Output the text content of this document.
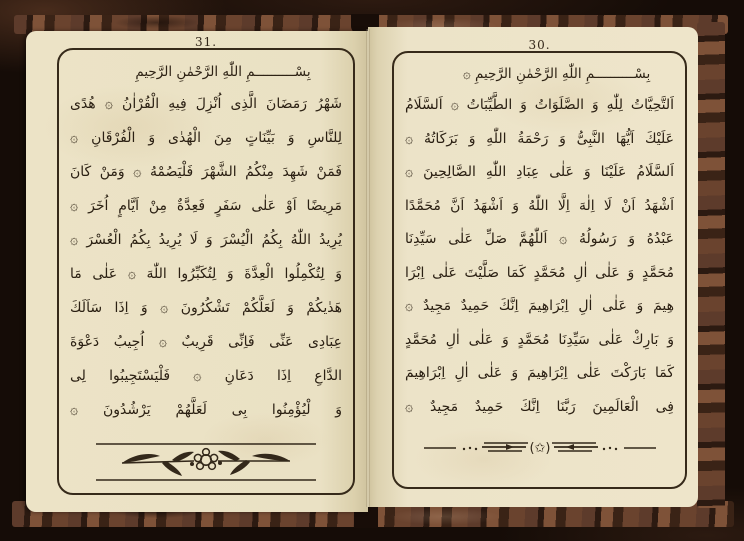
31.
بِسْــــــــــمِ اللّٰهِ الرَّحْمٰنِ الرَّحِيمِ
شَهْرُ رَمَضَانَ الَّذِى اُنْزِلَ فِيهِ الْقُرْاٰنُ ۞ هُدًى
لِلنَّاسِ وَ بَيِّنَاتٍ مِنَ الْهُدٰى وَ الْفُرْقَانِ ۞
فَمَنْ شَهِدَ مِنْكُمُ الشَّهْرَ فَلْيَصُمْهُ ۞ وَمَنْ كَانَ
مَرِيضًا اَوْ عَلٰى سَفَرٍ فَعِدَّةٌ مِنْ اَيَّامٍ اُخَرَ ۞
يُرِيدُ اللّٰهُ بِكُمُ الْيُسْرَ وَ لَا يُرِيدُ بِكُمُ الْعُسْرَ ۞
وَ لِتُكْمِلُوا الْعِدَّةَ وَ لِتُكَبِّرُوا اللّٰهَ ۞ عَلٰى مَا
هَدٰيكُمْ وَ لَعَلَّكُمْ تَشْكُرُونَ ۞ وَ اِذَا سَاَلَكَ
عِبَادِى عَنِّى فَاِنِّى قَرِيبٌ ۞ اُجِيبُ دَعْوَةَ
الدَّاعِ اِذَا دَعَانِ ۞ فَلْيَسْتَجِيبُوا لِى
وَ لْيُؤْمِنُوا بِى لَعَلَّهُمْ يَرْشُدُونَ ۞
30.
بِسْــــــــــمِ اللّٰهِ الرَّحْمٰنِ الرَّحِيمِ ۞
اَلتَّحِيَّاتُ لِلّٰهِ وَ الصَّلَوَاتُ وَ الطَّيِّبَاتُ ۞ اَلسَّلَامُ
عَلَيْكَ اَيُّهَا النَّبِىُّ وَ رَحْمَةُ اللّٰهِ وَ بَرَكَاتُهُ ۞
اَلسَّلَامُ عَلَيْنَا وَ عَلٰى عِبَادِ اللّٰهِ الصَّالِحِينَ ۞
اَشْهَدُ اَنْ لَا اِلٰهَ اِلَّا اللّٰهُ وَ اَشْهَدُ اَنَّ مُحَمَّدًا
عَبْدُهُ وَ رَسُولُهُ ۞ اَللّٰهُمَّ صَلِّ عَلٰى سَيِّدِنَا
مُحَمَّدٍ وَ عَلٰى اٰلِ مُحَمَّدٍ كَمَا صَلَّيْتَ عَلٰى اِبْرَا
هِيمَ وَ عَلٰى اٰلِ اِبْرَاهِيمَ اِنَّكَ حَمِيدٌ مَجِيدٌ ۞
وَ بَارِكْ عَلٰى سَيِّدِنَا مُحَمَّدٍ وَ عَلٰى اٰلِ مُحَمَّدٍ
كَمَا بَارَكْتَ عَلٰى اِبْرَاهِيمَ وَ عَلٰى اٰلِ اِبْرَاهِيمَ
فِى الْعَالَمِينَ رَبَّنَا اِنَّكَ حَمِيدٌ مَجِيدٌ ۞
(✩)
